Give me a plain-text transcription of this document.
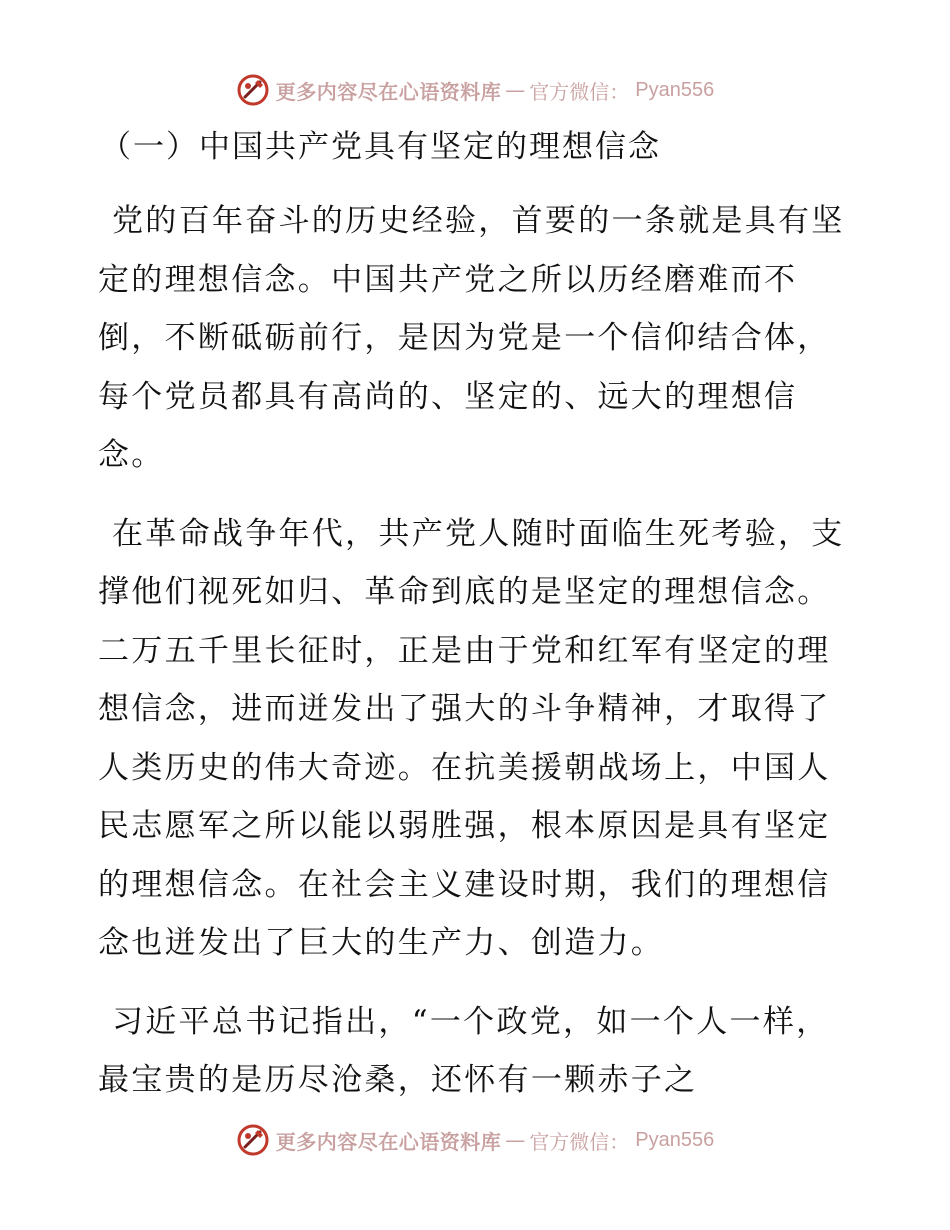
更多内容尽在心语资料库 — 官方微信： Pyan556
（一）中国共产党具有坚定的理想信念

党的百年奋斗的历史经验，首要的一条就是具有坚定的理想信念。中国共产党之所以历经磨难而不倒，不断砥砺前行，是因为党是一个信仰结合体，每个党员都具有高尚的、坚定的、远大的理想信念。

在革命战争年代，共产党人随时面临生死考验，支撑他们视死如归、革命到底的是坚定的理想信念。二万五千里长征时，正是由于党和红军有坚定的理想信念，进而迸发出了强大的斗争精神，才取得了人类历史的伟大奇迹。在抗美援朝战场上，中国人民志愿军之所以能以弱胜强，根本原因是具有坚定的理想信念。在社会主义建设时期，我们的理想信念也迸发出了巨大的生产力、创造力。

习近平总书记指出，“一个政党，如一个人一样，最宝贵的是历尽沧桑，还怀有一颗赤子之

更多内容尽在心语资料库 — 官方微信： Pyan556
